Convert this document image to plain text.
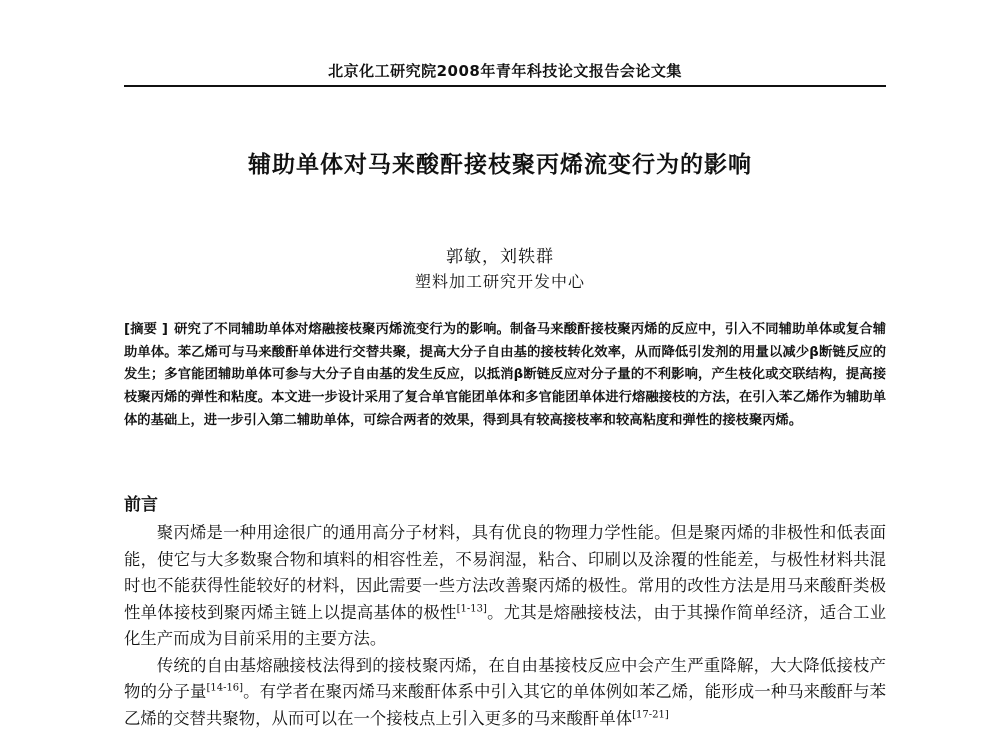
北京化工研究院2008年青年科技论文报告会论文集
辅助单体对马来酸酐接枝聚丙烯流变行为的影响
郭敏，刘轶群
塑料加工研究开发中心
[摘要 ] 研究了不同辅助单体对熔融接枝聚丙烯流变行为的影响。制备马来酸酐接枝聚丙烯的反应中，引入不同辅助单体或复合辅助单体。苯乙烯可与马来酸酐单体进行交替共聚，提高大分子自由基的接枝转化效率，从而降低引发剂的用量以减少β断链反应的发生；多官能团辅助单体可参与大分子自由基的发生反应，以抵消β断链反应对分子量的不利影响，产生枝化或交联结构，提高接枝聚丙烯的弹性和粘度。本文进一步设计采用了复合单官能团单体和多官能团单体进行熔融接枝的方法，在引入苯乙烯作为辅助单体的基础上，进一步引入第二辅助单体，可综合两者的效果，得到具有较高接枝率和较高粘度和弹性的接枝聚丙烯。
前言

聚丙烯是一种用途很广的通用高分子材料，具有优良的物理力学性能。但是聚丙烯的非极性和低表面能，使它与大多数聚合物和填料的相容性差，不易润湿，粘合、印刷以及涂覆的性能差，与极性材料共混时也不能获得性能较好的材料，因此需要一些方法改善聚丙烯的极性。常用的改性方法是用马来酸酐类极性单体接枝到聚丙烯主链上以提高基体的极性[1-13]。尤其是熔融接枝法，由于其操作简单经济，适合工业化生产而成为目前采用的主要方法。

传统的自由基熔融接枝法得到的接枝聚丙烯，在自由基接枝反应中会产生严重降解，大大降低接枝产物的分子量[14-16]。有学者在聚丙烯马来酸酐体系中引入其它的单体例如苯乙烯，能形成一种马来酸酐与苯乙烯的交替共聚物，从而可以在一个接枝点上引入更多的马来酸酐单体[17-21]
